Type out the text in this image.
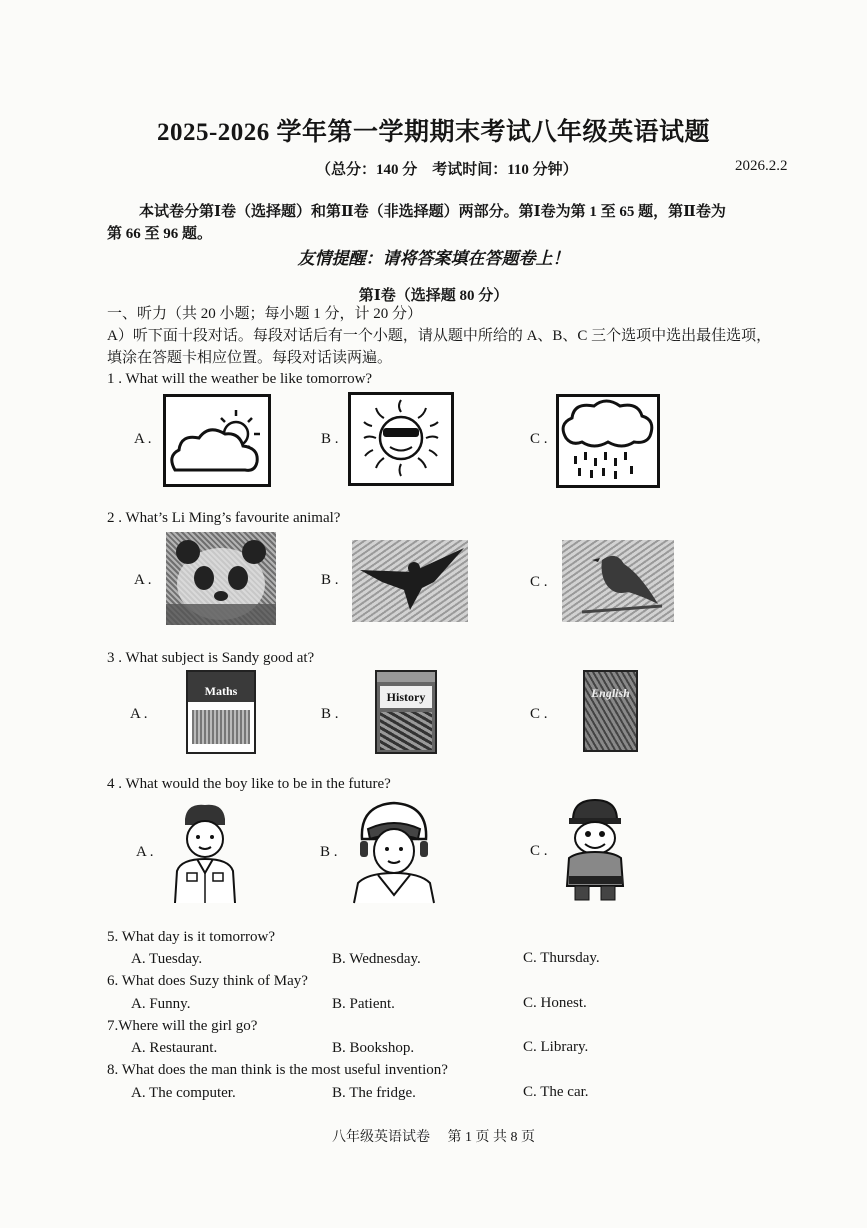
2025-2026 学年第一学期期末考试八年级英语试题
（总分：140 分　考试时间：110 分钟）	2026.2.2
本试卷分第Ⅰ卷（选择题）和第Ⅱ卷（非选择题）两部分。第Ⅰ卷为第 1 至 65 题，第Ⅱ卷为
第 66 至 96 题。
友情提醒：请将答案填在答题卷上！
第Ⅰ卷（选择题 80 分）
一、听力（共 20 小题；每小题 1 分，计 20 分）
A）听下面十段对话。每段对话后有一个小题，请从题中所给的 A、B、C 三个选项中选出最佳选项，
填涂在答题卡相应位置。每段对话读两遍。
1 . What will the weather be like tomorrow?
A .	B .	C .
2 . What’s Li Ming’s favourite animal?
A .	B .	C .
3 . What subject is Sandy good at?
A .	B .	C .
Maths	History	English
4 . What would the boy like to be in the future?
A .	B .	C .
5. What day is it tomorrow?
A. Tuesday.	B. Wednesday.	C. Thursday.
6. What does Suzy think of May?
A. Funny.	B. Patient.	C. Honest.
7.Where will the girl go?
A. Restaurant.	B. Bookshop.	C. Library.
8. What does the man think is the most useful invention?
A. The computer.	B. The fridge.	C. The car.
八年级英语试卷　 第 1 页 共 8 页
